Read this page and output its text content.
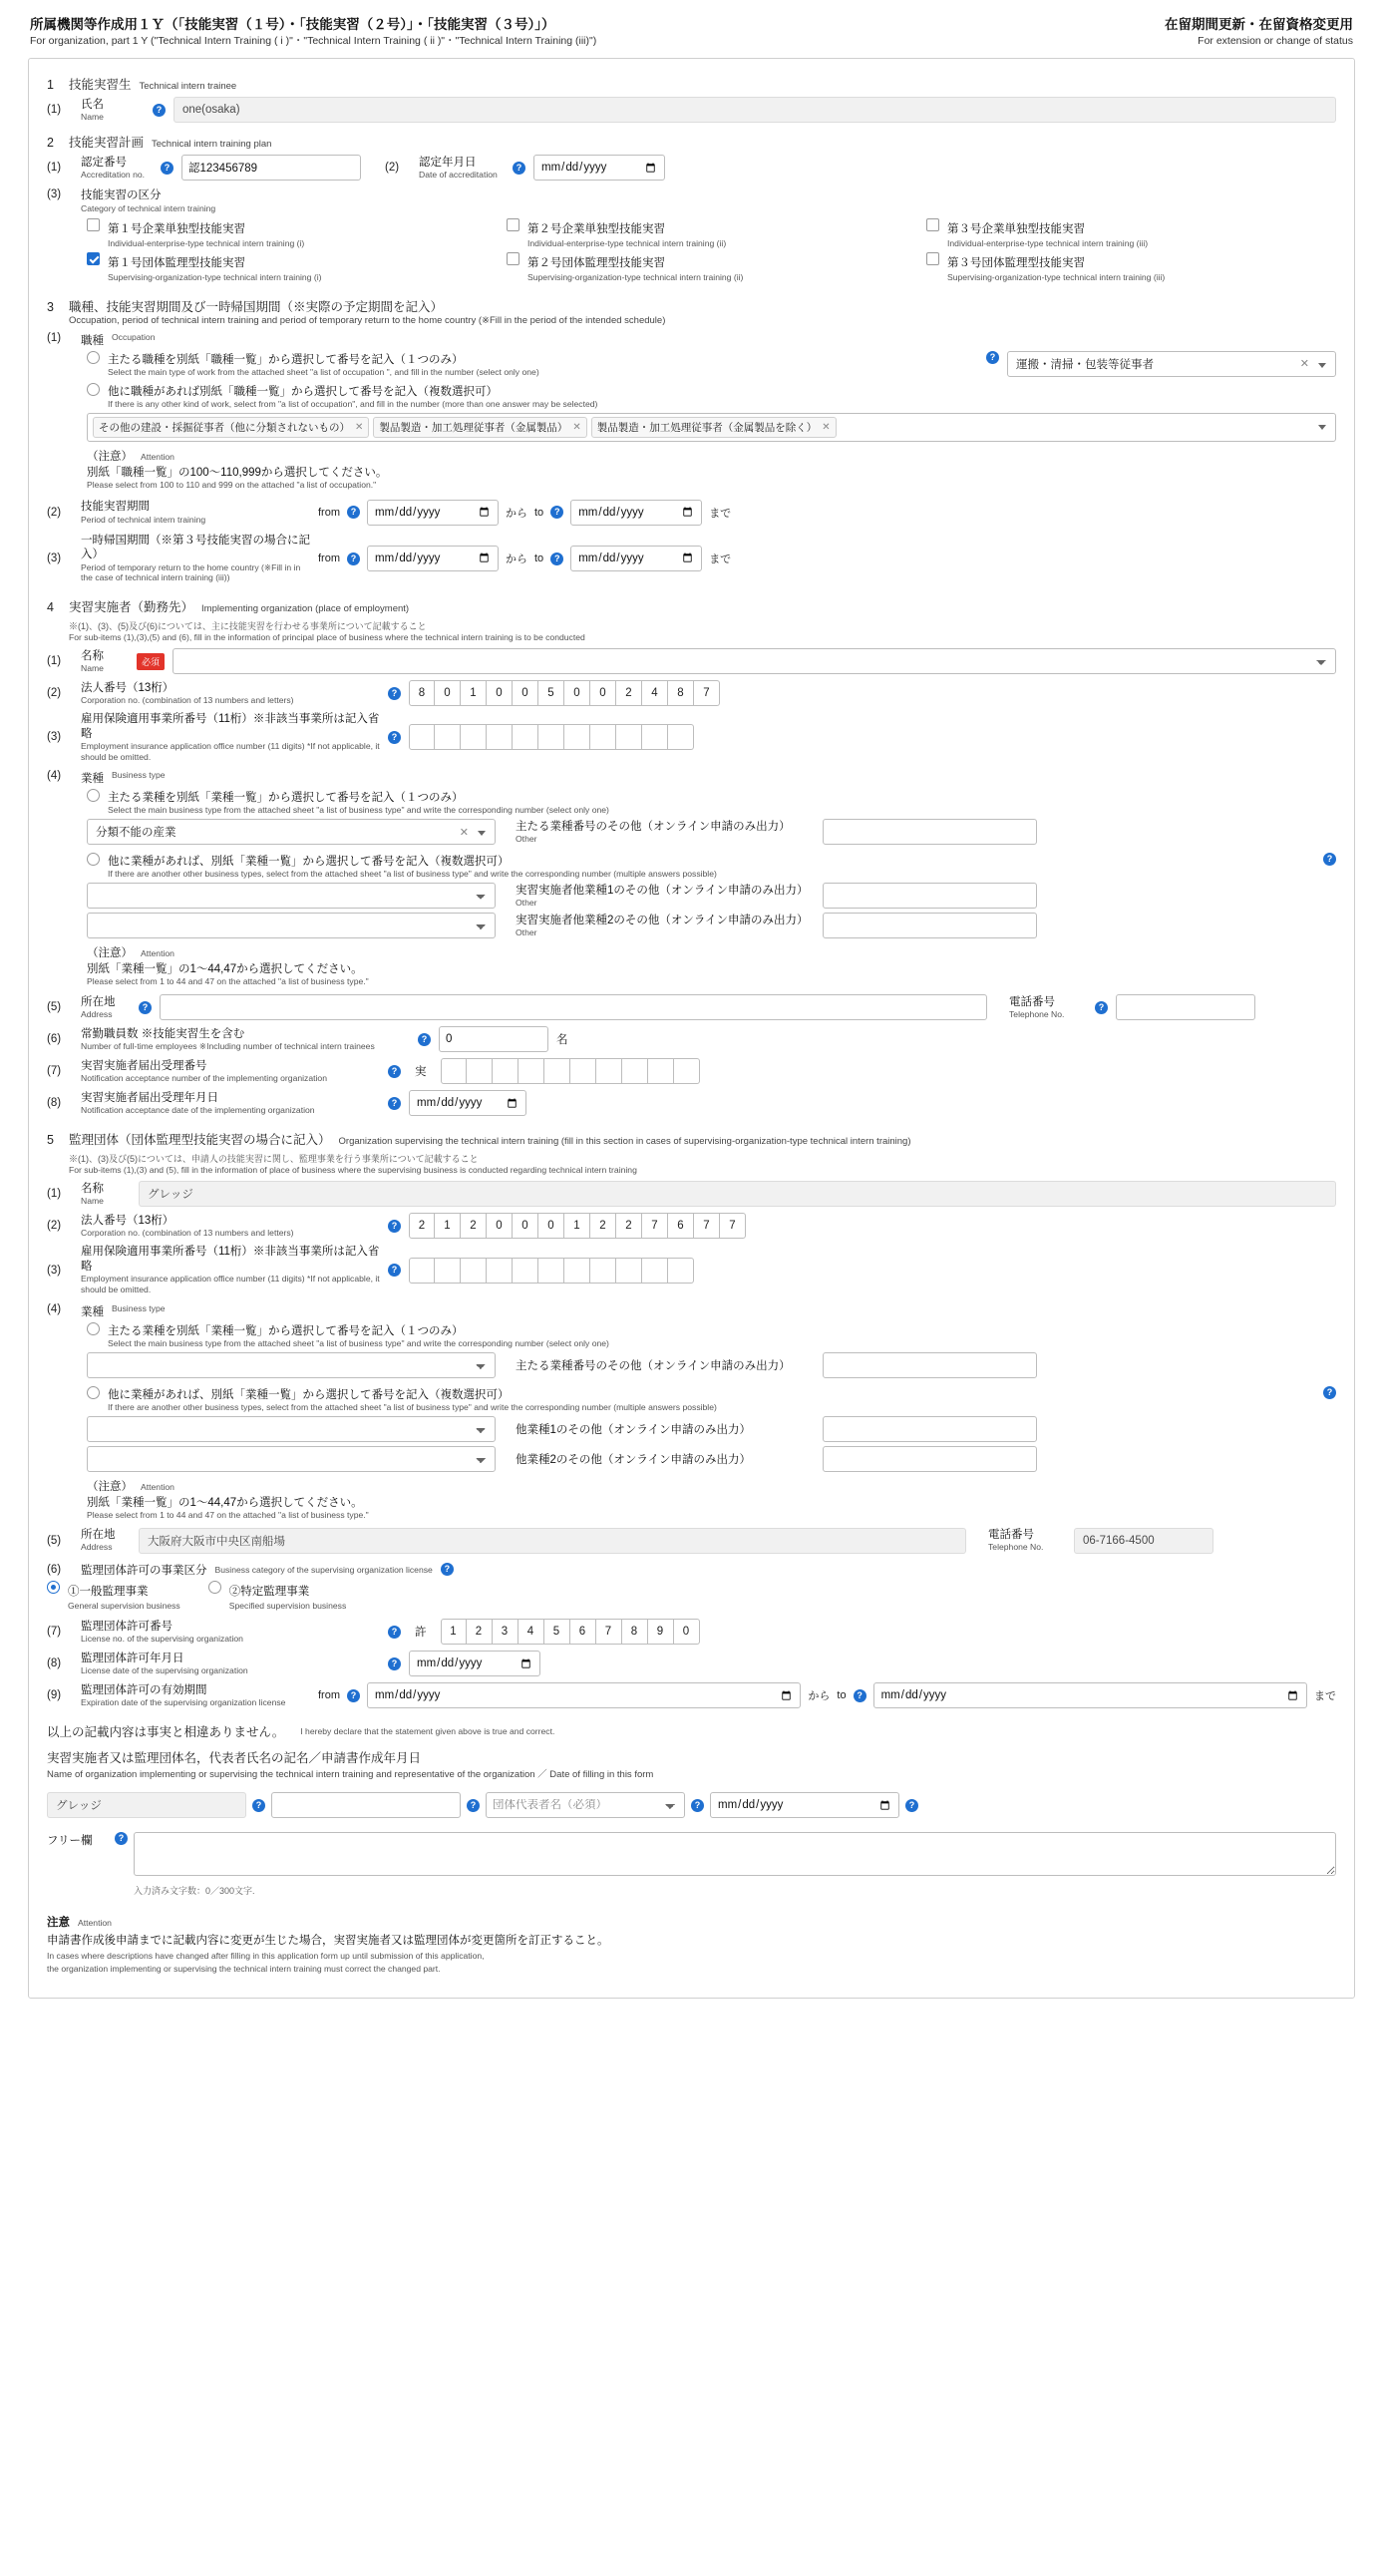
所属機関等作成用１Ｙ（「技能実習（１号）・「技能実習（２号）」・「技能実習（３号）」）
For organization, part 1 Y ("Technical Intern Training ( i )"・"Technical Intern Training ( ii )"・"Technical Intern Training (iii)")
在留期間更新・在留資格変更用
For extension or change of status
1	技能実習生 Technical intern trainee
(1)	氏名
Name
?	one(osaka)
2	技能実習計画 Technical intern training plan
(1)	認定番号
Accreditation no.
?
認123456789	(2)	認定年月日
Date of accreditation
?
(3)	技能実習の区分
Category of technical intern training
第１号企業単独型技能実習
Individual-enterprise-type technical intern training (i)
第２号企業単独型技能実習
Individual-enterprise-type technical intern training (ii)
第３号企業単独型技能実習
Individual-enterprise-type technical intern training (iii)
第１号団体監理型技能実習
Supervising-organization-type technical intern training (i)
第２号団体監理型技能実習
Supervising-organization-type technical intern training (ii)
第３号団体監理型技能実習
Supervising-organization-type technical intern training (iii)
3	職種、技能実習期間及び一時帰国期間（※実際の予定期間を記入）
Occupation, period of technical intern training and period of temporary return to the home country (※Fill in the period of the intended schedule)
(1)	職種 Occupation
主たる職種を別紙「職種一覧」から選択して番号を記入（１つのみ）
Select the main type of work from the attached sheet "a list of occupation ", and fill in the number (select only one)
?
運搬・清掃・包装等従事者	✕
他に職種があれば別紙「職種一覧」から選択して番号を記入（複数選択可）
If there is any other kind of work, select from "a list of occupation", and fill in the number (more than one answer may be selected)
その他の建設・採掘従事者（他に分類されないもの） ✕ 製品製造・加工処理従事者（金属製品） ✕ 製品製造・加工処理従事者（金属製品を除く） ✕
（注意） Attention
別紙「職種一覧」の100～110,999から選択してください。
Please select from 100 to 110 and 999 on the attached "a list of occupation."
(2)	技能実習期間
Period of technical intern training
from	?	から to	?	まで
(3)
一時帰国期間（※第３号技能実習の場合に記入）
Period of temporary return to the home country (※Fill in in the case of technical intern training (iii))
from	?	から to	?	まで
4	実習実施者（勤務先） Implementing organization (place of employment)
※(1)、(3)、(5)及び(6)については、主に技能実習を行わせる事業所について記載すること
For sub-items (1),(3),(5) and (6), fill in the information of principal place of business where the technical intern training is to be conducted
(1)	名称
Name
必須
(2)	法人番号（13桁）
Corporation no. (combination of 13 numbers and letters)
?	8	0	1	0	0	5	0	0	2	4	8	7
(3)
雇用保険適用事業所番号（11桁）※非該当事業所は記入省略
Employment insurance application office number (11 digits) *If not applicable, it should be omitted.
?
(4)	業種 Business type
主たる業種を別紙「業種一覧」から選択して番号を記入（１つのみ）
Select the main business type from the attached sheet "a list of business type" and write the corresponding number (select only one)
分類不能の産業	✕
主たる業種番号のその他（オンライン申請のみ出力）
Other
他に業種があれば、別紙「業種一覧」から選択して番号を記入（複数選択可）
If there are another other business types, select from the attached sheet "a list of business type" and write the corresponding number (multiple answers possible)
?
実習実施者他業種1のその他（オンライン申請のみ出力）
Other
実習実施者他業種2のその他（オンライン申請のみ出力）
Other
（注意） Attention
別紙「業種一覧」の1～44,47から選択してください。
Please select from 1 to 44 and 47 on the attached "a list of business type."
(5)	所在地
Address
?	電話番号
Telephone No.
?
(6)	常勤職員数 ※技能実習生を含む
Number of full-time employees ※Including number of technical intern trainees
?
0	名
(7)	実習実施者届出受理番号
Notification acceptance number of the implementing organization
?	実
(8)	実習実施者届出受理年月日
Notification acceptance date of the implementing organization
?
年 /月/日
5	監理団体（団体監理型技能実習の場合に記入） Organization supervising the technical intern training (fill in this section in cases of supervising-organization-type technical intern training)
※(1)、(3)及び(5)については、申請人の技能実習に関し、監理事業を行う事業所について記載すること
For sub-items (1),(3) and (5), fill in the information of place of business where the supervising business is conducted regarding technical intern training
(1)	名称
Name	グレッジ
(2)	法人番号（13桁）
Corporation no. (combination of 13 numbers and letters)
?	2	1	2	0	0	0	1	2	2	7	6	7	7
(3)
雇用保険適用事業所番号（11桁）※非該当事業所は記入省略
Employment insurance application office number (11 digits) *If not applicable, it should be omitted.
?
(4)	業種 Business type
主たる業種を別紙「業種一覧」から選択して番号を記入（１つのみ）
Select the main business type from the attached sheet "a list of business type" and write the corresponding number (select only one)
主たる業種番号のその他（オンライン申請のみ出力）
他に業種があれば、別紙「業種一覧」から選択して番号を記入（複数選択可）
If there are another other business types, select from the attached sheet "a list of business type" and write the corresponding number (multiple answers possible)
?
他業種1のその他（オンライン申請のみ出力）
他業種2のその他（オンライン申請のみ出力）
（注意） Attention
別紙「業種一覧」の1～44,47から選択してください。
Please select from 1 to 44 and 47 on the attached "a list of business type."
(5)	所在地
Address	大阪府大阪市中央区南船場
電話番号
Telephone No.
06-7166-4500
(6)	監理団体許可の事業区分 Business category of the supervising organization license	?
①一般監理事業
General supervision business
②特定監理事業
Specified supervision business
(7)	監理団体許可番号
License no. of the supervising organization
?	許	1	2	3	4	5	6	7	8	9	0
(8)	監理団体許可年月日
License date of the supervising organization
?
(9)	監理団体許可の有効期間
Expiration date of the supervising organization license
from	?	から to	?	まで
以上の記載内容は事実と相違ありません。 I hereby declare that the statement given above is true and correct.
実習実施者又は監理団体名，代表者氏名の記名／申請書作成年月日
Name of organization implementing or supervising the technical intern training and representative of the organization ／ Date of filling in this form
グレッジ	?	?
団体代表者名（必須）	?
年 /月/日	?
フリー欄	?
入力済み文字数：0／300文字.
注意 Attention
申請書作成後申請までに記載内容に変更が生じた場合，実習実施者又は監理団体が変更箇所を訂正すること。
In cases where descriptions have changed after filling in this application form up until submission of this application,
the organization implementing or supervising the technical intern training must correct the changed part.
